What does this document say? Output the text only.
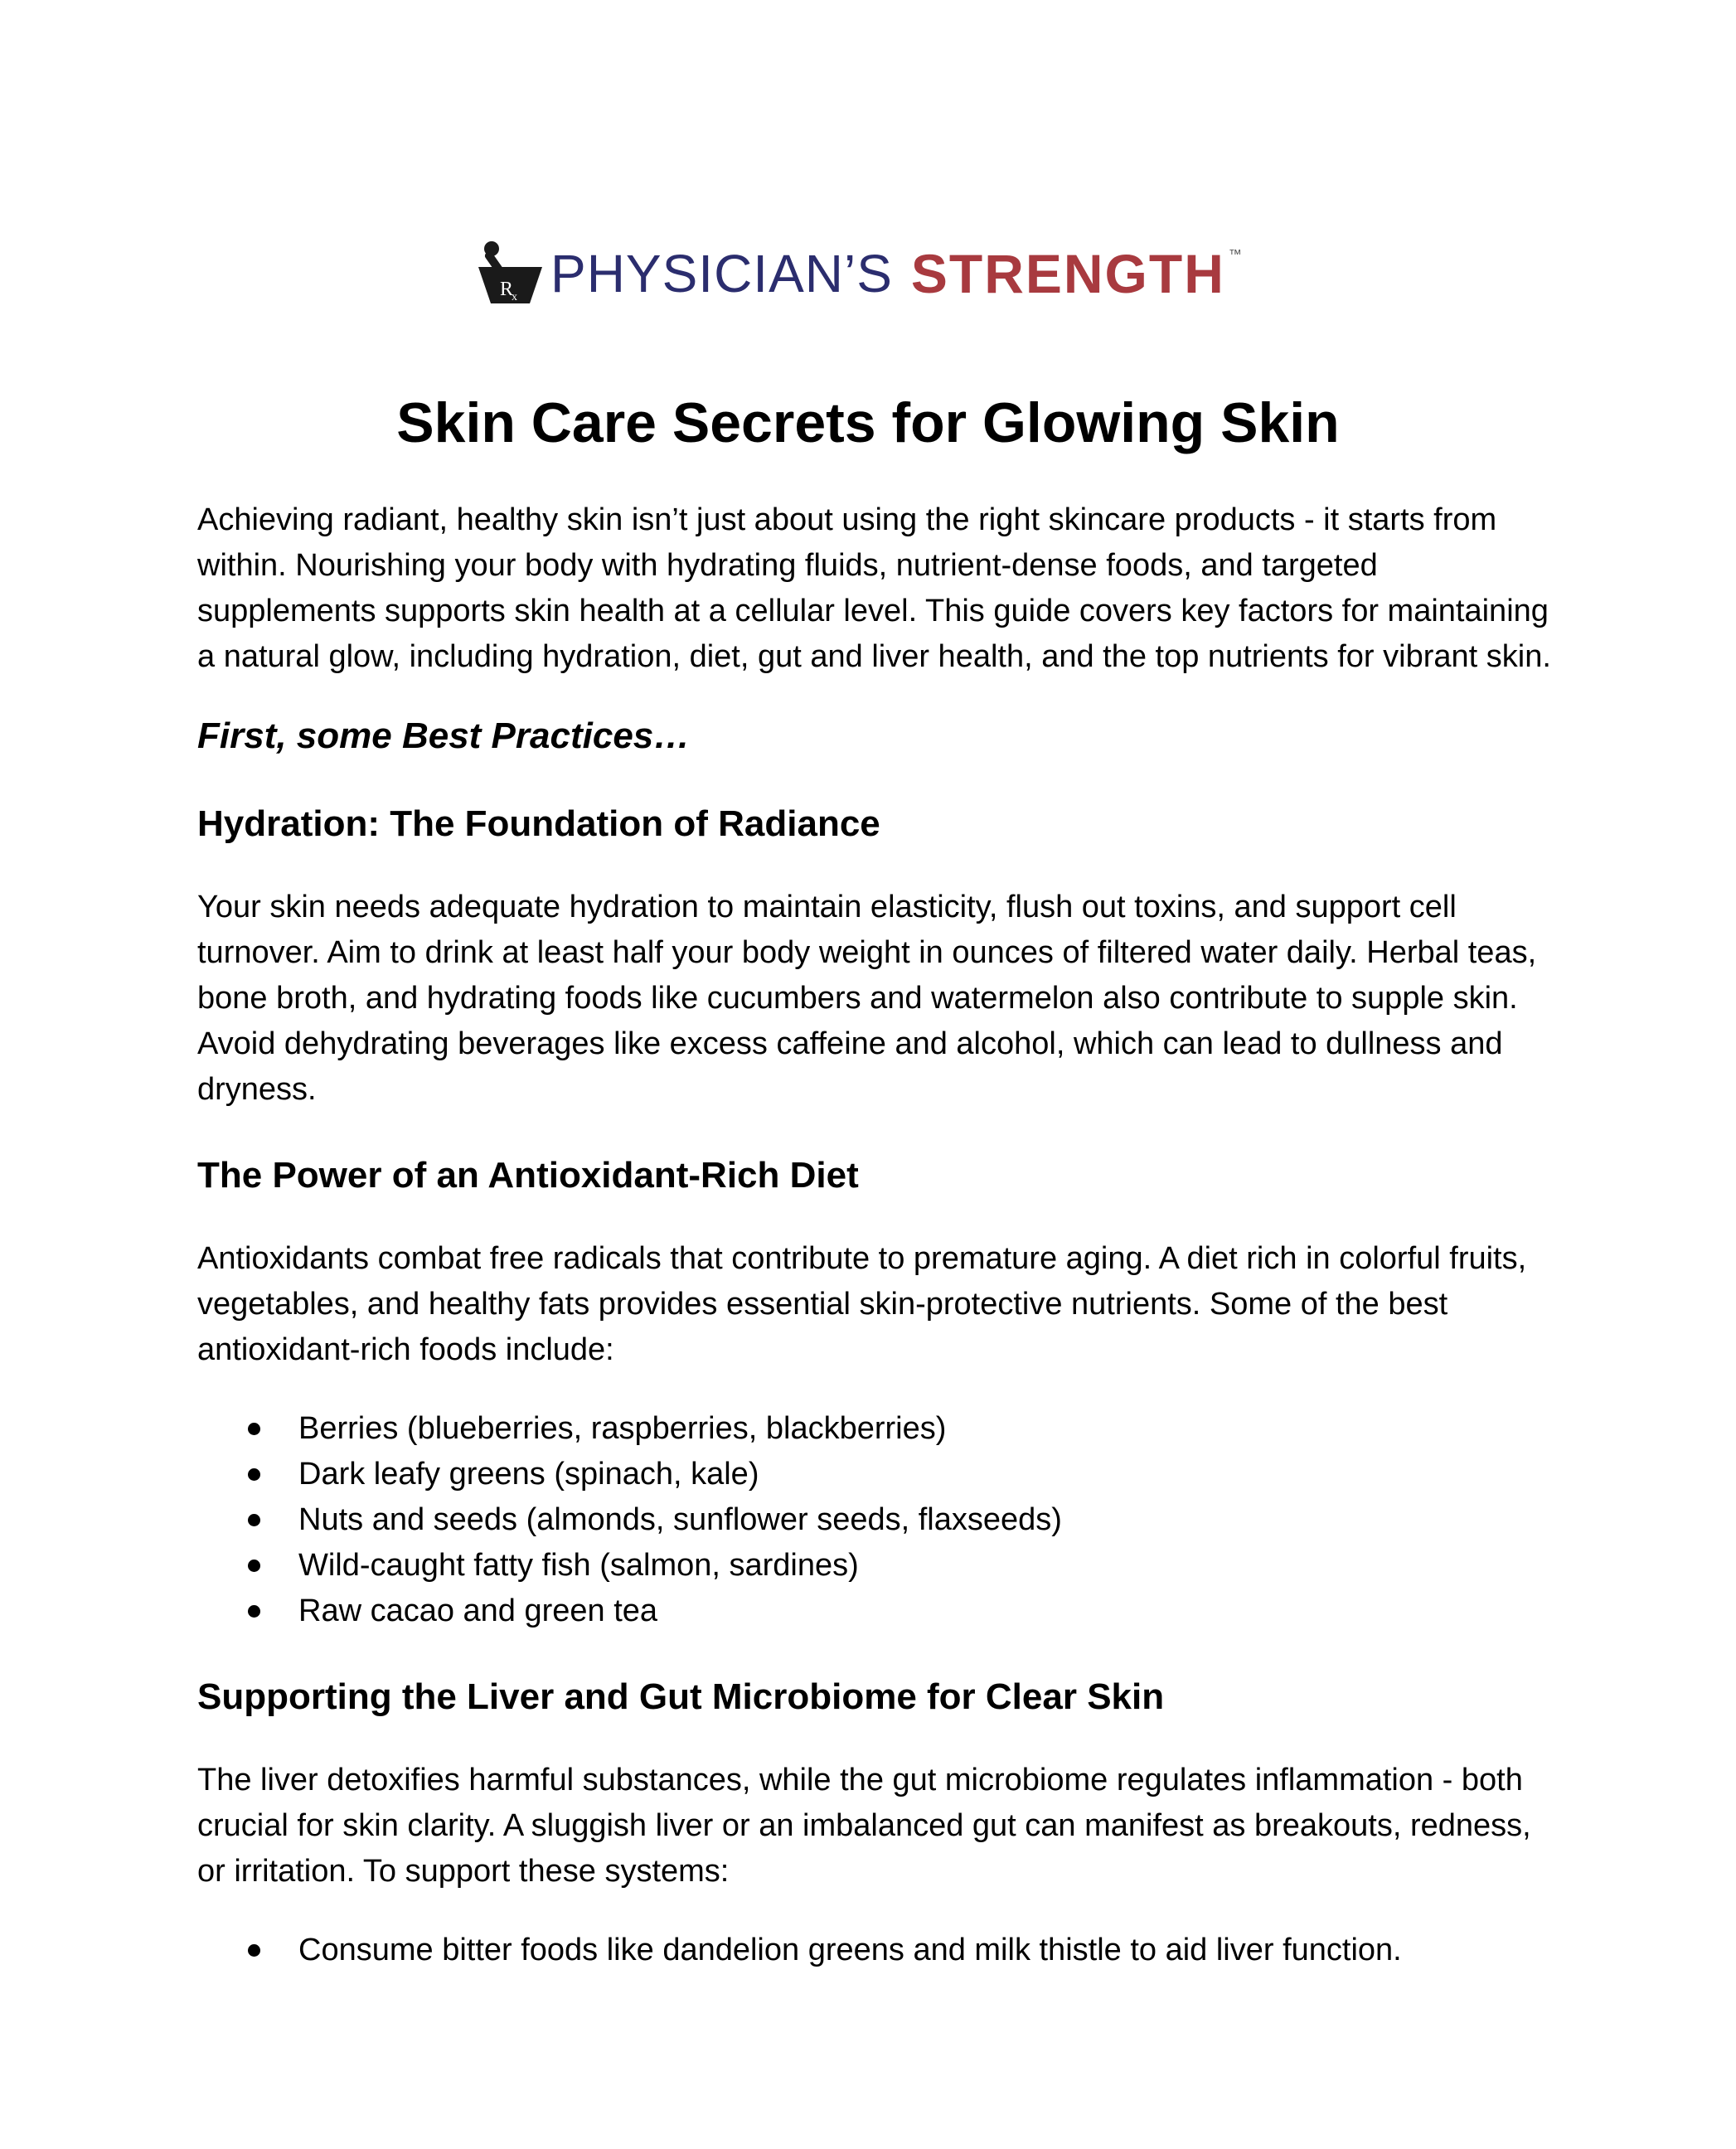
R
x PHYSICIAN’S STRENGTH ™
Skin Care Secrets for Glowing Skin

Achieving radiant, healthy skin isn’t just about using the right skincare products - it starts from within. Nourishing your body with hydrating fluids, nutrient-dense foods, and targeted supplements supports skin health at a cellular level. This guide covers key factors for maintaining a natural glow, including hydration, diet, gut and liver health, and the top nutrients for vibrant skin.

First, some Best Practices…
Hydration: The Foundation of Radiance

Your skin needs adequate hydration to maintain elasticity, flush out toxins, and support cell turnover. Aim to drink at least half your body weight in ounces of filtered water daily. Herbal teas, bone broth, and hydrating foods like cucumbers and watermelon also contribute to supple skin. Avoid dehydrating beverages like excess caffeine and alcohol, which can lead to dullness and dryness.

The Power of an Antioxidant-Rich Diet

Antioxidants combat free radicals that contribute to premature aging. A diet rich in colorful fruits, vegetables, and healthy fats provides essential skin-protective nutrients. Some of the best antioxidant-rich foods include:

Berries (blueberries, raspberries, blackberries)
Dark leafy greens (spinach, kale)
Nuts and seeds (almonds, sunflower seeds, flaxseeds)
Wild-caught fatty fish (salmon, sardines)
Raw cacao and green tea
Supporting the Liver and Gut Microbiome for Clear Skin

The liver detoxifies harmful substances, while the gut microbiome regulates inflammation - both crucial for skin clarity. A sluggish liver or an imbalanced gut can manifest as breakouts, redness, or irritation. To support these systems:

Consume bitter foods like dandelion greens and milk thistle to aid liver function.
